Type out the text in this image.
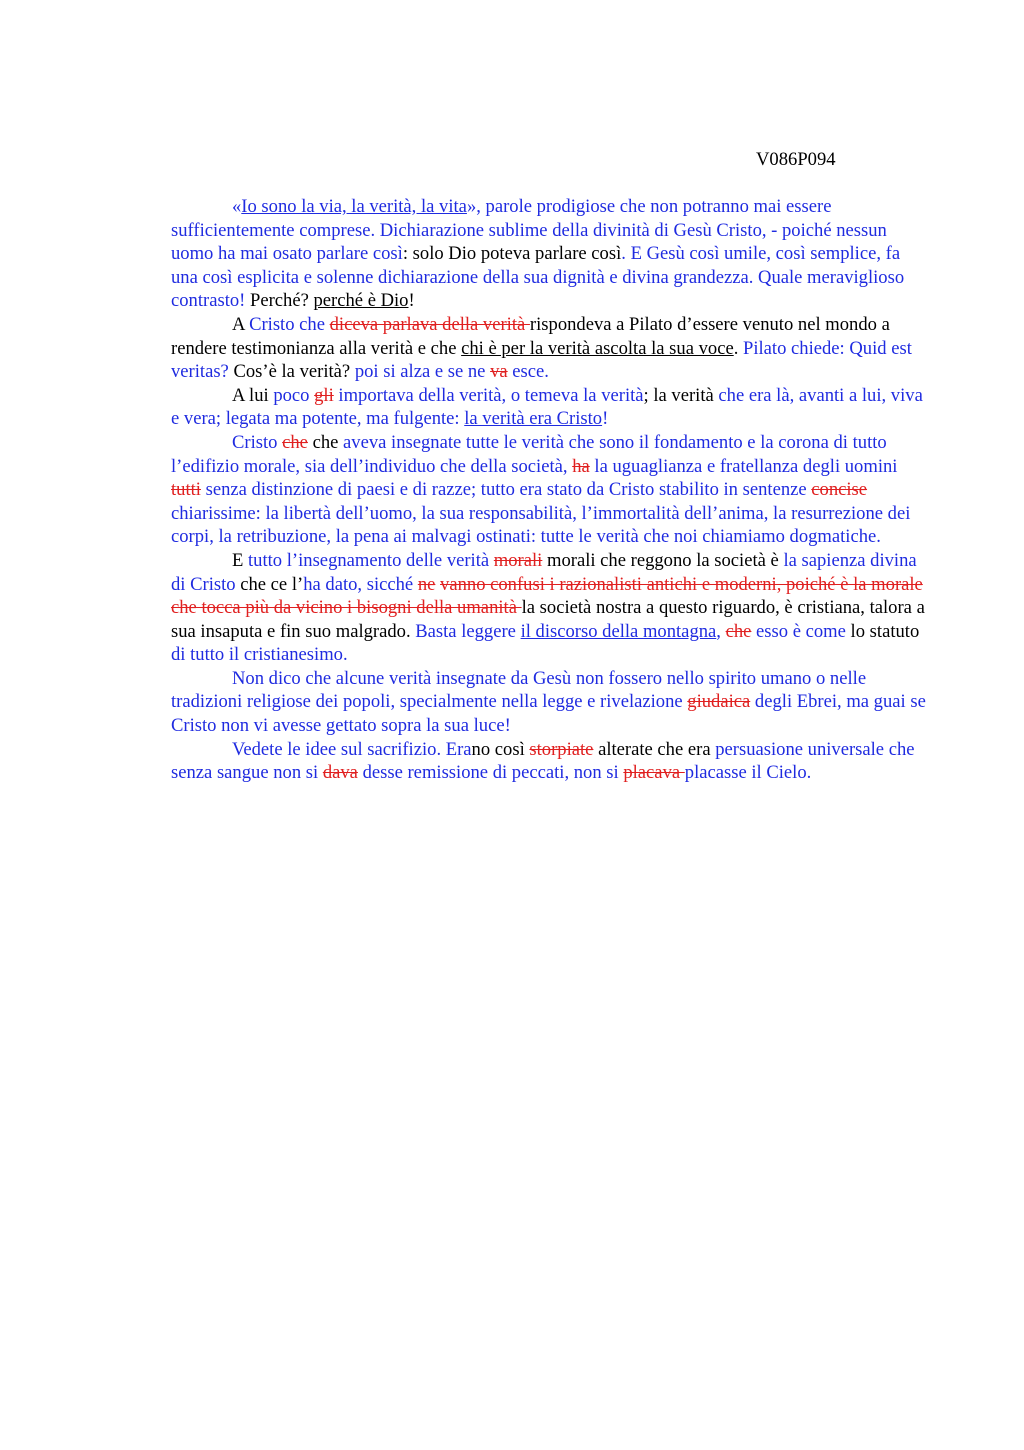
V086P094

«Io sono la via, la verità, la vita», parole prodigiose che non potranno mai essere sufficientemente comprese. Dichiarazione sublime della divinità di Gesù Cristo, - poiché nessun uomo ha mai osato parlare così: solo Dio poteva parlare così. E Gesù così umile, così semplice, fa una così esplicita e solenne dichiarazione della sua dignità e divina grandezza. Quale meraviglioso contrasto! Perché? perché è Dio!

A Cristo che diceva parlava della verità rispondeva a Pilato d’essere venuto nel mondo a rendere testimonianza alla verità e che chi è per la verità ascolta la sua voce. Pilato chiede: Quid est veritas? Cos’è la verità? poi si alza e se ne va esce.

A lui poco gli importava della verità, o temeva la verità; la verità che era là, avanti a lui, viva e vera; legata ma potente, ma fulgente: la verità era Cristo!

Cristo che che aveva insegnate tutte le verità che sono il fondamento e la corona di tutto l’edifizio morale, sia dell’individuo che della società, ha la uguaglianza e fratellanza degli uomini tutti senza distinzione di paesi e di razze; tutto era stato da Cristo stabilito in sentenze concise chiarissime: la libertà dell’uomo, la sua responsabilità, l’immortalità dell’anima, la resurrezione dei corpi, la retribuzione, la pena ai malvagi ostinati: tutte le verità che noi chiamiamo dogmatiche.

E tutto l’insegnamento delle verità morali morali che reggono la società è la sapienza divina di Cristo che ce l’ha dato, sicché ne vanno confusi i razionalisti antichi e moderni, poiché è la morale che tocca più da vicino i bisogni della umanità la società nostra a questo riguardo, è cristiana, talora a sua insaputa e fin suo malgrado. Basta leggere il discorso della montagna, che esso è come lo statuto di tutto il cristianesimo.

Non dico che alcune verità insegnate da Gesù non fossero nello spirito umano o nelle tradizioni religiose dei popoli, specialmente nella legge e rivelazione giudaica degli Ebrei, ma guai se Cristo non vi avesse gettato sopra la sua luce!

Vedete le idee sul sacrifizio. Erano così storpiate alterate che era persuasione universale che senza sangue non si dava desse remissione di peccati, non si placava placasse il Cielo.
